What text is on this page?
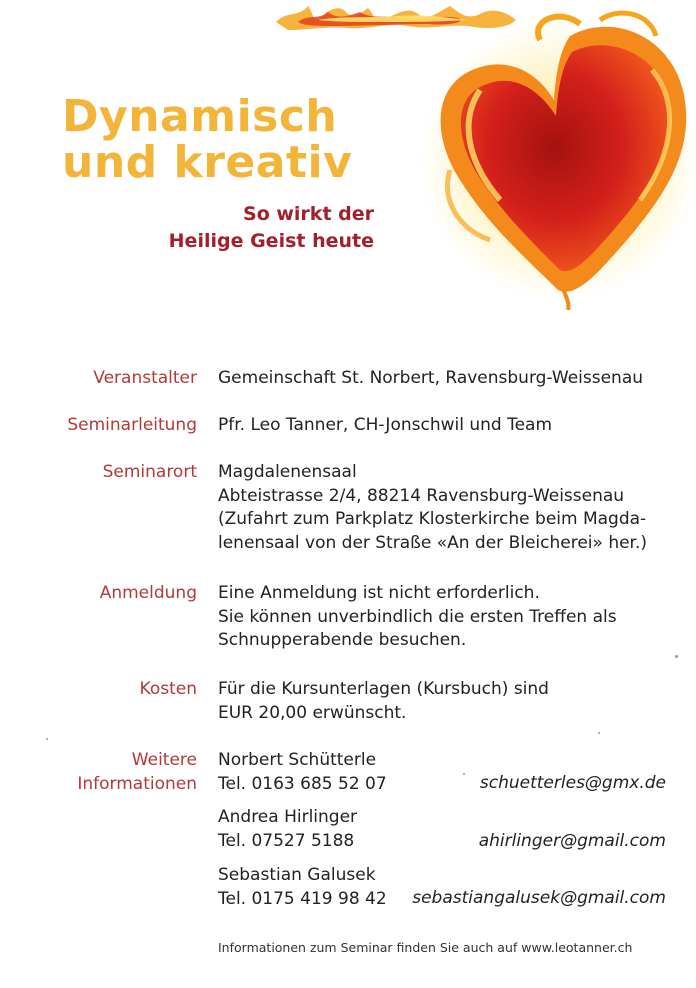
Dynamisch
und kreativ
So wirkt der
Heilige Geist heute
Veranstalter Gemeinschaft St. Norbert, Ravensburg-Weissenau
Seminarleitung Pfr. Leo Tanner, CH-Jonschwil und Team
Seminarort Magdalenensaal
Abteistrasse 2/4, 88214 Ravensburg-Weissenau
(Zufahrt zum Parkplatz Klosterkirche beim Magda-
lenensaal von der Straße «An der Bleicherei» her.)
Anmeldung Eine Anmeldung ist nicht erforderlich.
Sie können unverbindlich die ersten Treffen als
Schnupperabende besuchen.
Kosten Für die Kursunterlagen (Kursbuch) sind
EUR 20,00 erwünscht.
Weitere
Informationen
Norbert Schütterle
Tel. 0163 685 52 07	schuetterles@gmx.de
Andrea Hirlinger
Tel. 07527 5188	ahirlinger@gmail.com
Sebastian Galusek
Tel. 0175 419 98 42 sebastiangalusek@gmail.com
Informationen zum Seminar finden Sie auch auf www.leotanner.ch
